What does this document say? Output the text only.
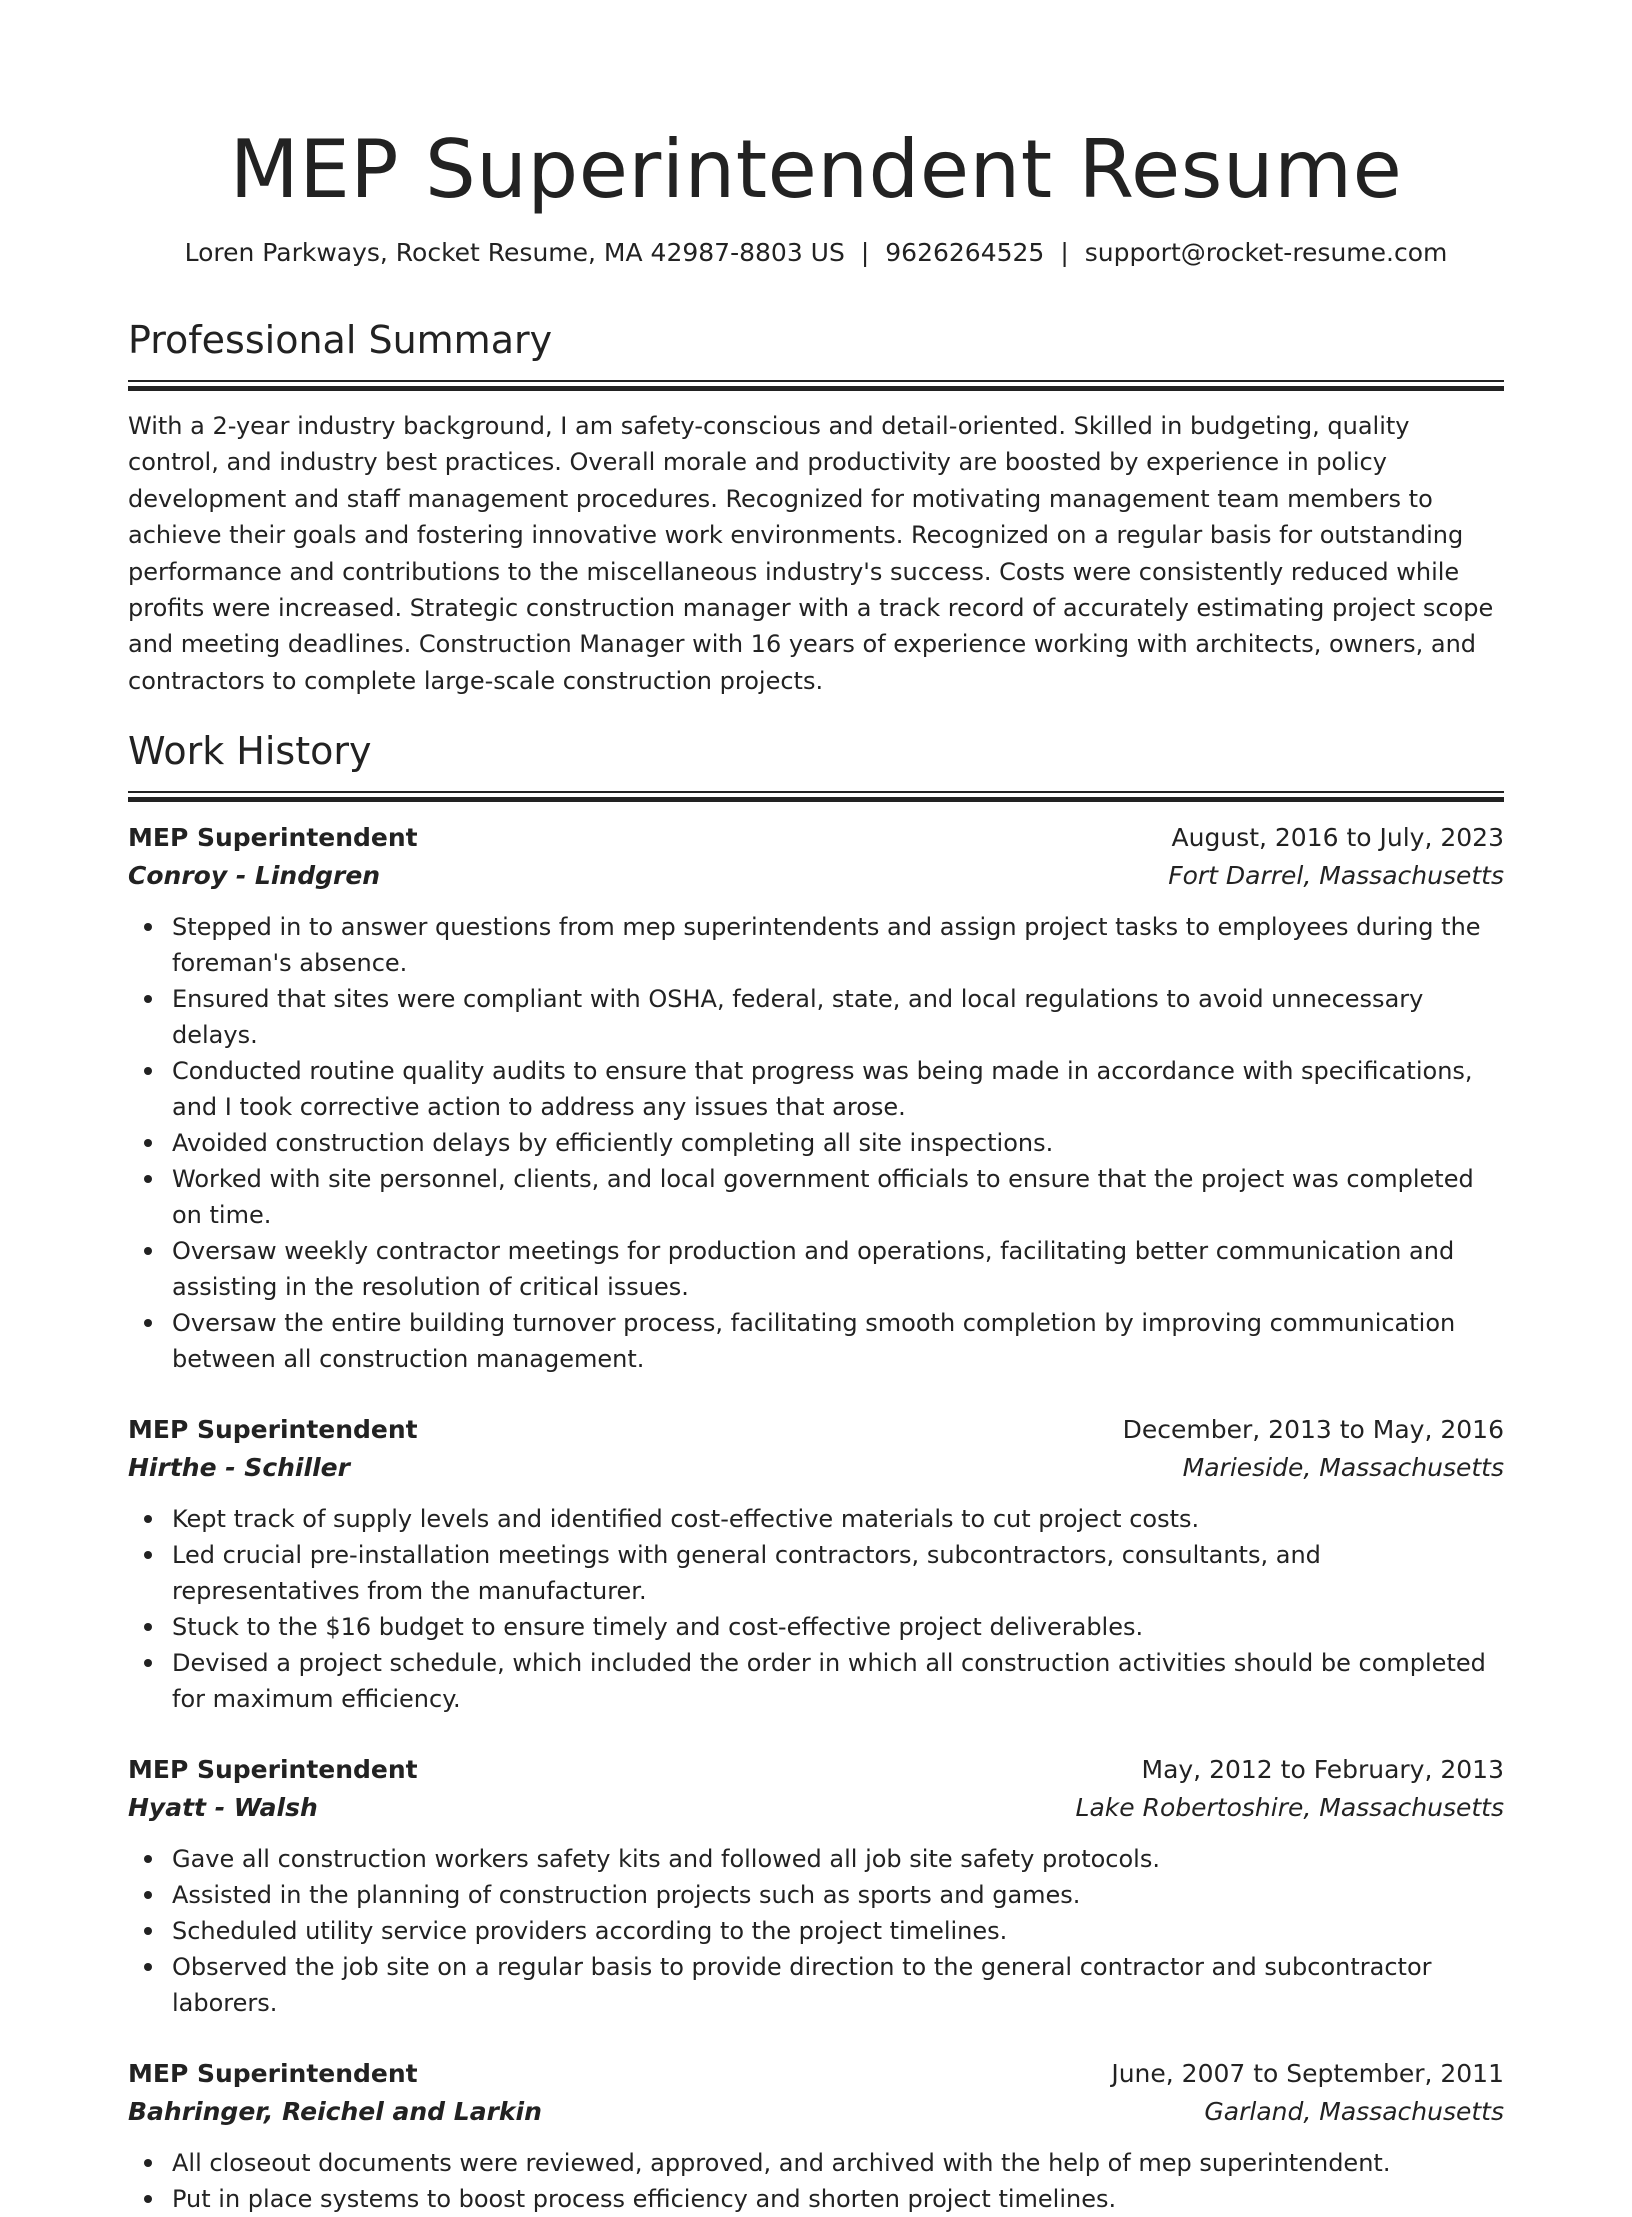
MEP Superintendent Resume
Loren Parkways, Rocket Resume, MA 42987-8803 US | 9626264525 | support@rocket-resume.com
Professional Summary

With a 2-year industry background, I am safety-conscious and detail-oriented. Skilled in budgeting, quality control, and industry best practices. Overall morale and productivity are boosted by experience in policy development and staff management procedures. Recognized for motivating management team members to achieve their goals and fostering innovative work environments. Recognized on a regular basis for outstanding performance and contributions to the miscellaneous industry's success. Costs were consistently reduced while profits were increased. Strategic construction manager with a track record of accurately estimating project scope and meeting deadlines. Construction Manager with 16 years of experience working with architects, owners, and contractors to complete large-scale construction projects.

Work History
MEP Superintendent	August, 2016 to July, 2023
Conroy - Lindgren	Fort Darrel, Massachusetts
Stepped in to answer questions from mep superintendents and assign project tasks to employees during the foreman's absence.
Ensured that sites were compliant with OSHA, federal, state, and local regulations to avoid unnecessary delays.
Conducted routine quality audits to ensure that progress was being made in accordance with specifications, and I took corrective action to address any issues that arose.
Avoided construction delays by efficiently completing all site inspections.
Worked with site personnel, clients, and local government officials to ensure that the project was completed on time.
Oversaw weekly contractor meetings for production and operations, facilitating better communication and assisting in the resolution of critical issues.
Oversaw the entire building turnover process, facilitating smooth completion by improving communication between all construction management.
MEP Superintendent	December, 2013 to May, 2016
Hirthe - Schiller	Marieside, Massachusetts
Kept track of supply levels and identified cost-effective materials to cut project costs.
Led crucial pre-installation meetings with general contractors, subcontractors, consultants, and representatives from the manufacturer.
Stuck to the $16 budget to ensure timely and cost-effective project deliverables.
Devised a project schedule, which included the order in which all construction activities should be completed for maximum efficiency.
MEP Superintendent	May, 2012 to February, 2013
Hyatt - Walsh	Lake Robertoshire, Massachusetts
Gave all construction workers safety kits and followed all job site safety protocols.
Assisted in the planning of construction projects such as sports and games.
Scheduled utility service providers according to the project timelines.
Observed the job site on a regular basis to provide direction to the general contractor and subcontractor laborers.
MEP Superintendent	June, 2007 to September, 2011
Bahringer, Reichel and Larkin	Garland, Massachusetts
All closeout documents were reviewed, approved, and archived with the help of mep superintendent.
Put in place systems to boost process efficiency and shorten project timelines.
